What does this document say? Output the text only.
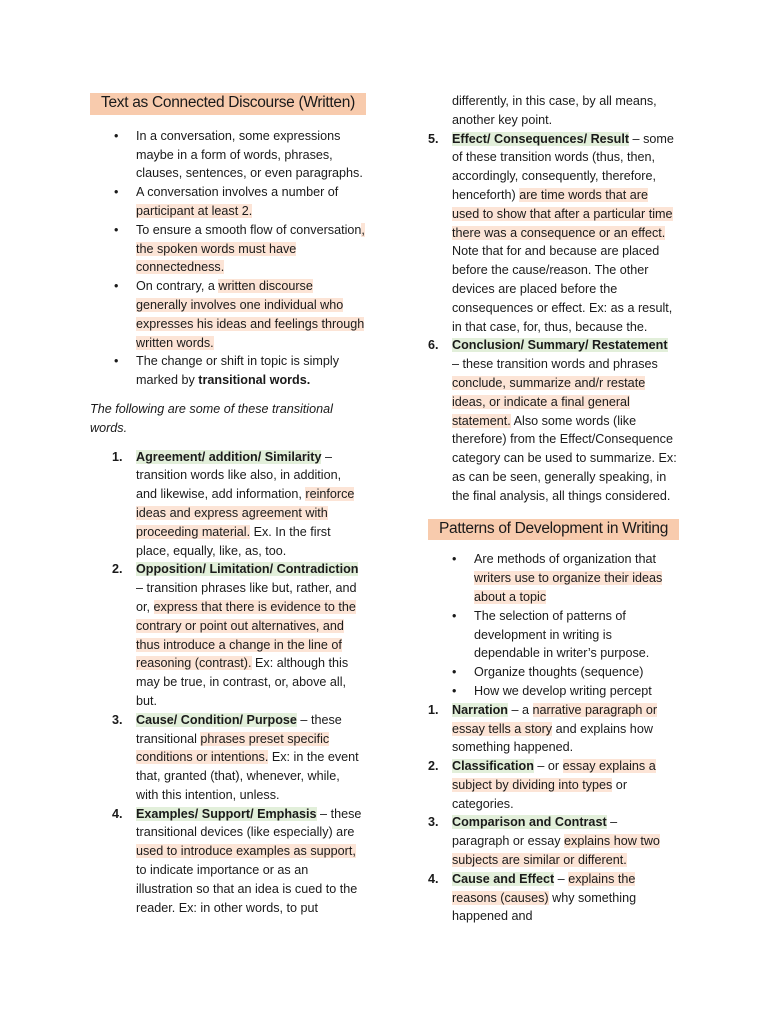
Text as Connected Discourse (Written)
• In a conversation, some expressions maybe in a form of words, phrases, clauses, sentences, or even paragraphs.
• A conversation involves a number of participant at least 2.
• To ensure a smooth flow of conversation, the spoken words must have connectedness.
• On contrary, a written discourse generally involves one individual who expresses his ideas and feelings through written words.
• The change or shift in topic is simply marked by transitional words.
The following are some of these transitional words.
1. Agreement/ addition/ Similarity – transition words like also, in addition, and likewise, add information, reinforce ideas and express agreement with proceeding material. Ex. In the first place, equally, like, as, too.
2. Opposition/ Limitation/ Contradiction – transition phrases like but, rather, and or, express that there is evidence to the contrary or point out alternatives, and thus introduce a change in the line of reasoning (contrast). Ex: although this may be true, in contrast, or, above all, but.
3. Cause/ Condition/ Purpose – these transitional phrases preset specific conditions or intentions. Ex: in the event that, granted (that), whenever, while, with this intention, unless.
4. Examples/ Support/ Emphasis – these transitional devices (like especially) are used to introduce examples as support, to indicate importance or as an illustration so that an idea is cued to the reader. Ex: in other words, to put
differently, in this case, by all means, another key point.
5. Effect/ Consequences/ Result – some of these transition words (thus, then, accordingly, consequently, therefore, henceforth) are time words that are used to show that after a particular time there was a consequence or an effect. Note that for and because are placed before the cause/reason. The other devices are placed before the consequences or effect. Ex: as a result, in that case, for, thus, because the.
6. Conclusion/ Summary/ Restatement – these transition words and phrases conclude, summarize and/r restate ideas, or indicate a final general statement. Also some words (like therefore) from the Effect/Consequence category can be used to summarize. Ex: as can be seen, generally speaking, in the final analysis, all things considered.
Patterns of Development in Writing
• Are methods of organization that writers use to organize their ideas about a topic
• The selection of patterns of development in writing is dependable in writer’s purpose.
• Organize thoughts (sequence)
• How we develop writing percept
1. Narration – a narrative paragraph or essay tells a story and explains how something happened.
2. Classification – or essay explains a subject by dividing into types or categories.
3. Comparison and Contrast – paragraph or essay explains how two subjects are similar or different.
4. Cause and Effect – explains the reasons (causes) why something happened and
